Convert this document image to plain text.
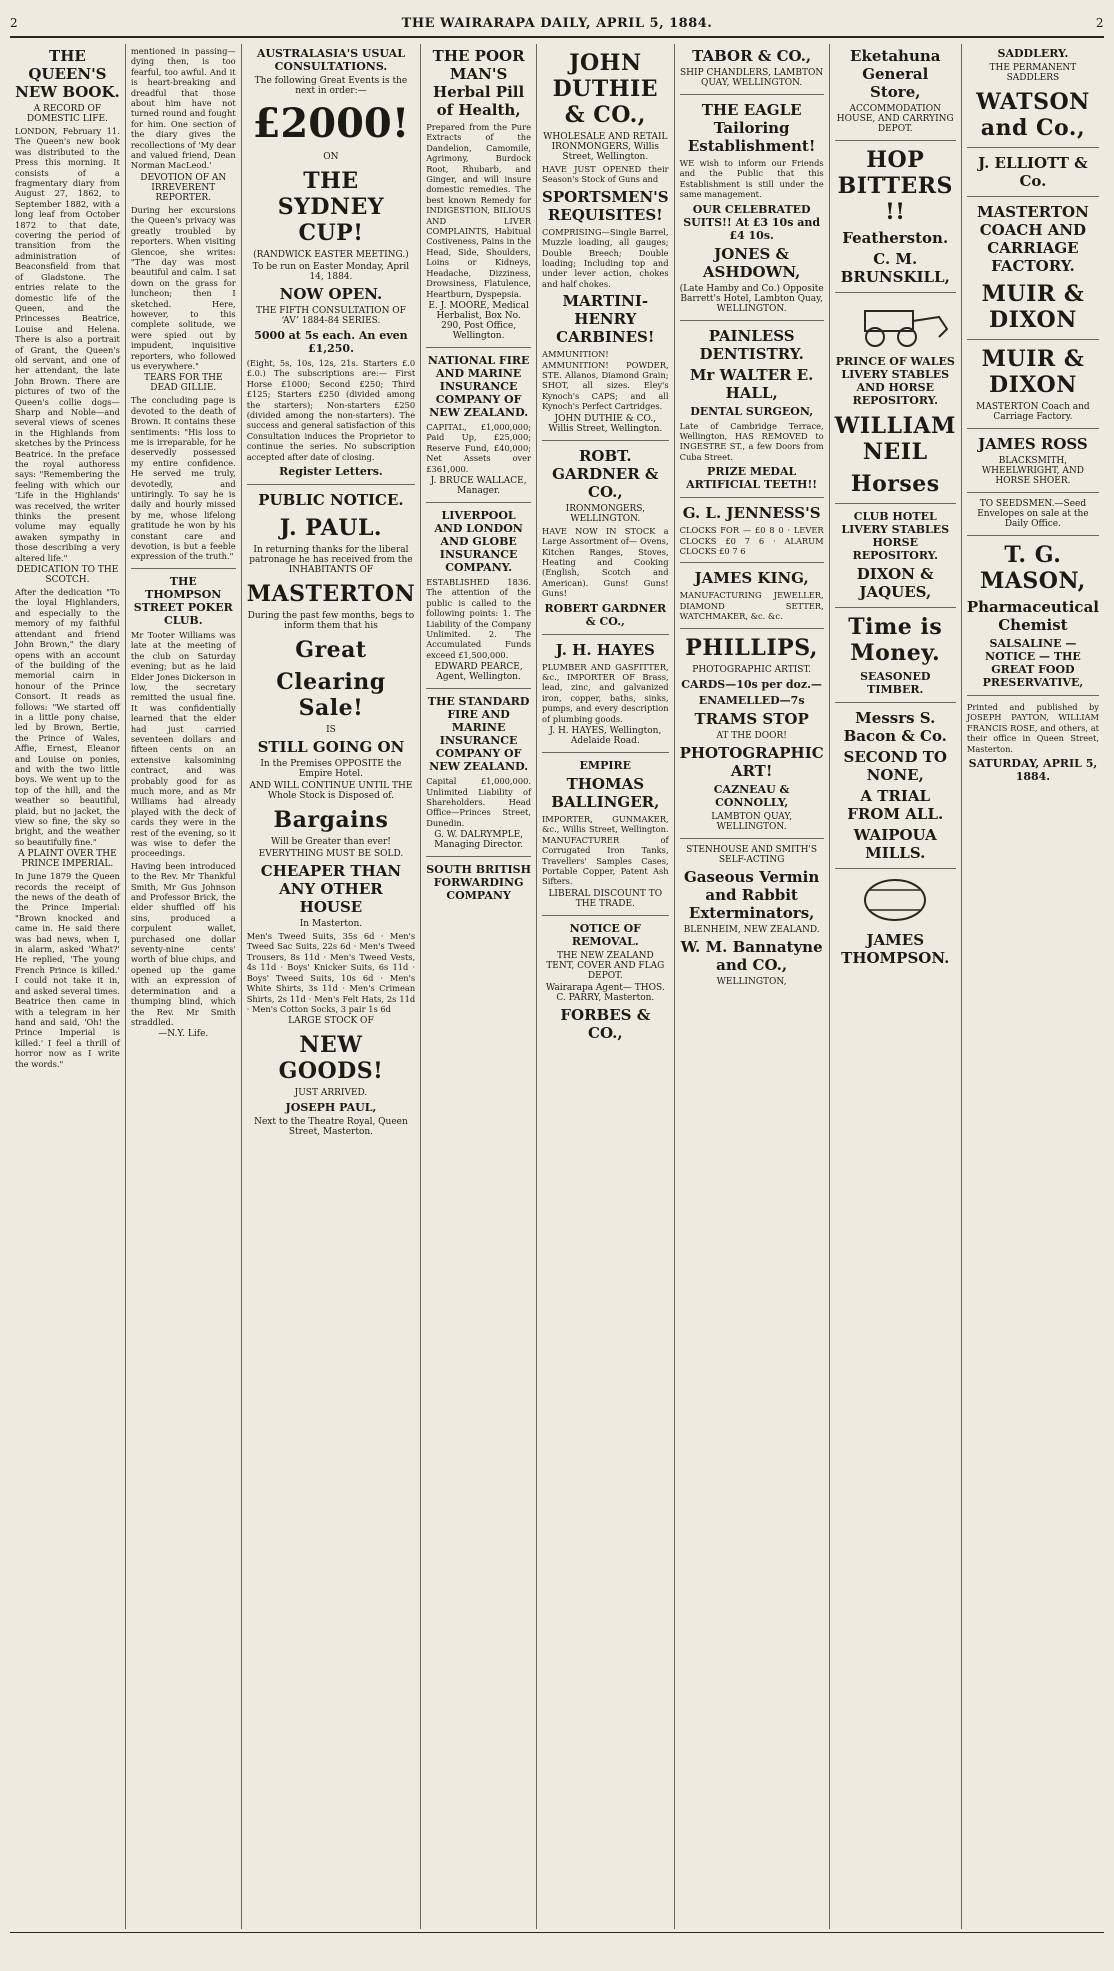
2	THE WAIRARAPA DAILY, APRIL 5, 1884.	2
THE QUEEN'S NEW BOOK.
A RECORD OF DOMESTIC LIFE.

LONDON, February 11. The Queen's new book was distributed to the Press this morning. It consists of a fragmentary diary from August 27, 1862, to September 1882, with a long leaf from October 1872 to that date, covering the period of transition from the administration of Beaconsfield from that of Gladstone. The entries relate to the domestic life of the Queen, and the Princesses Beatrice, Louise and Helena. There is also a portrait of Grant, the Queen's old servant, and one of her attendant, the late John Brown. There are pictures of two of the Queen's collie dogs—Sharp and Noble—and several views of scenes in the Highlands from sketches by the Princess Beatrice. In the preface the royal authoress says: "Remembering the feeling with which our 'Life in the Highlands' was received, the writer thinks the present volume may equally awaken sympathy in those describing a very altered life."

DEDICATION TO THE SCOTCH.

After the dedication "To the loyal Highlanders, and especially to the memory of my faithful attendant and friend John Brown," the diary opens with an account of the building of the memorial cairn in honour of the Prince Consort. It reads as follows: "We started off in a little pony chaise, led by Brown, Bertie, the Prince of Wales, Affie, Ernest, Eleanor and Louise on ponies, and with the two little boys. We went up to the top of the hill, and the weather so beautiful, plaid, but no jacket, the view so fine, the sky so bright, and the weather so beautifully fine."

A PLAINT OVER THE PRINCE IMPERIAL.

In June 1879 the Queen records the receipt of the news of the death of the Prince Imperial: "Brown knocked and came in. He said there was bad news, when I, in alarm, asked 'What?' He replied, 'The young French Prince is killed.' I could not take it in, and asked several times. Beatrice then came in with a telegram in her hand and said, 'Oh! the Prince Imperial is killed.' I feel a thrill of horror now as I write the words."

mentioned in passing—dying then, is too fearful, too awful. And it is heart-breaking and dreadful that those about him have not turned round and fought for him. One section of the diary gives the recollections of 'My dear and valued friend, Dean Norman MacLeod.'

DEVOTION OF AN IRREVERENT REPORTER.

During her excursions the Queen's privacy was greatly troubled by reporters. When visiting Glencoe, she writes: "The day was most beautiful and calm. I sat down on the grass for luncheon; then I sketched. Here, however, to this complete solitude, we were spied out by impudent, inquisitive reporters, who followed us everywhere."

TEARS FOR THE DEAD GILLIE.

The concluding page is devoted to the death of Brown. It contains these sentiments: "His loss to me is irreparable, for he deservedly possessed my entire confidence. He served me truly, devotedly, and untiringly. To say he is daily and hourly missed by me, whose lifelong gratitude he won by his constant care and devotion, is but a feeble expression of the truth."

THE THOMPSON STREET POKER CLUB.

Mr Tooter Williams was late at the meeting of the club on Saturday evening; but as he laid Elder Jones Dickerson in low, the secretary remitted the usual fine. It was confidentially learned that the elder had just carried seventeen dollars and fifteen cents on an extensive kalsomining contract, and was probably good for as much more, and as Mr Williams had already played with the deck of cards they were in the rest of the evening, so it was wise to defer the proceedings.

Having been introduced to the Rev. Mr Thankful Smith, Mr Gus Johnson and Professor Brick, the elder shuffled off his sins, produced a corpulent wallet, purchased one dollar seventy-nine cents' worth of blue chips, and opened up the game with an expression of determination and a thumping blind, which the Rev. Mr Smith straddled.

—N.Y. Life.
AUSTRALASIA'S USUAL CONSULTATIONS.
The following Great Events is the next in order:—
£2000!
ON
THE SYDNEY CUP!
(RANDWICK EASTER MEETING.)
To be run on Easter Monday, April 14, 1884.
NOW OPEN.
THE FIFTH CONSULTATION OF ‘AV’ 1884-84 SERIES.
5000 at 5s each. An even £1,250.

(Eight, 5s, 10s, 12s, 21s. Starters £.0 £.0.) The subscriptions are:— First Horse £1000; Second £250; Third £125; Starters £250 (divided among the starters); Non-starters £250 (divided among the non-starters). The success and general satisfaction of this Consultation induces the Proprietor to continue the series. No subscription accepted after date of closing.

Register Letters.
PUBLIC NOTICE.
J. PAUL.
In returning thanks for the liberal patronage he has received from the INHABITANTS OF
MASTERTON
During the past few months, begs to inform them that his
Great
Clearing Sale!
IS
STILL GOING ON
In the Premises OPPOSITE the Empire Hotel.
AND WILL CONTINUE UNTIL THE Whole Stock is Disposed of.
Bargains
Will be Greater than ever!
EVERYTHING MUST BE SOLD.
CHEAPER THAN ANY OTHER HOUSE
In Masterton.

Men's Tweed Suits, 35s 6d · Men's Tweed Sac Suits, 22s 6d · Men's Tweed Trousers, 8s 11d · Men's Tweed Vests, 4s 11d · Boys' Knicker Suits, 6s 11d · Boys' Tweed Suits, 10s 6d · Men's White Shirts, 3s 11d · Men's Crimean Shirts, 2s 11d · Men's Felt Hats, 2s 11d · Men's Cotton Socks, 3 pair 1s 6d

LARGE STOCK OF
NEW GOODS!
JUST ARRIVED.
JOSEPH PAUL,
Next to the Theatre Royal, Queen Street, Masterton.
THE POOR MAN'S Herbal Pill of Health,

Prepared from the Pure Extracts of the Dandelion, Camomile, Agrimony, Burdock Root, Rhubarb, and Ginger, and will insure domestic remedies. The best known Remedy for INDIGESTION, BILIOUS AND LIVER COMPLAINTS, Habitual Costiveness, Pains in the Head, Side, Shoulders, Loins or Kidneys, Headache, Dizziness, Drowsiness, Flatulence, Heartburn, Dyspepsia.

E. J. MOORE, Medical Herbalist, Box No. 290, Post Office, Wellington.
NATIONAL FIRE AND MARINE INSURANCE COMPANY OF NEW ZEALAND.

CAPITAL, £1,000,000; Paid Up, £25,000; Reserve Fund, £40,000; Net Assets over £361,000.

J. BRUCE WALLACE, Manager.
LIVERPOOL AND LONDON AND GLOBE INSURANCE COMPANY.

ESTABLISHED 1836. The attention of the public is called to the following points: 1. The Liability of the Company Unlimited. 2. The Accumulated Funds exceed £1,500,000.

EDWARD PEARCE, Agent, Wellington.
THE STANDARD FIRE AND MARINE INSURANCE COMPANY OF NEW ZEALAND.

Capital £1,000,000. Unlimited Liability of Shareholders. Head Office—Princes Street, Dunedin.

G. W. DALRYMPLE, Managing Director.
SOUTH BRITISH FORWARDING COMPANY
JOHN DUTHIE & CO.,
WHOLESALE AND RETAIL IRONMONGERS, Willis Street, Wellington.

HAVE JUST OPENED their Season's Stock of Guns and

SPORTSMEN'S REQUISITES!

COMPRISING—Single Barrel, Muzzle loading, all gauges; Double Breech; Double loading; Including top and under lever action, chokes and half chokes.

MARTINI-HENRY CARBINES!

AMMUNITION! AMMUNITION! POWDER, STE. Allanos, Diamond Grain; SHOT, all sizes. Eley's Kynoch's CAPS; and all Kynoch's Perfect Cartridges.

JOHN DUTHIE & CO., Willis Street, Wellington.
ROBT. GARDNER & CO.,
IRONMONGERS, WELLINGTON.

HAVE NOW IN STOCK a Large Assortment of— Ovens, Kitchen Ranges, Stoves, Heating and Cooking (English, Scotch and American). Guns! Guns! Guns!

ROBERT GARDNER & CO.,
J. H. HAYES

PLUMBER AND GASFITTER, &c., IMPORTER OF Brass, lead, zinc, and galvanized iron, copper, baths, sinks, pumps, and every description of plumbing goods.

J. H. HAYES, Wellington, Adelaide Road.
EMPIRE
THOMAS BALLINGER,

IMPORTER, GUNMAKER, &c., Willis Street, Wellington. MANUFACTURER of Corrugated Iron Tanks, Travellers' Samples Cases, Portable Copper, Patent Ash Sifters.

LIBERAL DISCOUNT TO THE TRADE.
NOTICE OF REMOVAL.
THE NEW ZEALAND TENT, COVER AND FLAG DEPOT.
Wairarapa Agent— THOS. C. PARRY, Masterton.
FORBES & CO.,
TABOR & CO.,
SHIP CHANDLERS, LAMBTON QUAY, WELLINGTON.
THE EAGLE Tailoring Establishment!

WE wish to inform our Friends and the Public that this Establishment is still under the same management.

OUR CELEBRATED SUITS!! At £3 10s and £4 10s.
JONES & ASHDOWN,
(Late Hamby and Co.) Opposite Barrett's Hotel, Lambton Quay, WELLINGTON.
PAINLESS DENTISTRY.
Mr WALTER E. HALL,
DENTAL SURGEON,

Late of Cambridge Terrace, Wellington, HAS REMOVED to INGESTRE ST., a few Doors from Cuba Street.

PRIZE MEDAL ARTIFICIAL TEETH!!
G. L. JENNESS'S

CLOCKS FOR — £0 8 0 · LEVER CLOCKS £0 7 6 · ALARUM CLOCKS £0 7 6

JAMES KING,

MANUFACTURING JEWELLER, DIAMOND SETTER, WATCHMAKER, &c. &c.

PHILLIPS,
PHOTOGRAPHIC ARTIST.
CARDS—10s per doz.—
ENAMELLED—7s
TRAMS STOP
AT THE DOOR!
PHOTOGRAPHIC ART!
CAZNEAU & CONNOLLY,
LAMBTON QUAY, WELLINGTON.
STENHOUSE AND SMITH'S SELF-ACTING
Gaseous Vermin and Rabbit Exterminators,
BLENHEIM, NEW ZEALAND.
W. M. Bannatyne and CO.,
WELLINGTON,
Eketahuna General Store,
ACCOMMODATION HOUSE, AND CARRYING DEPOT.
HOP BITTERS !!
Featherston.
C. M. BRUNSKILL,
PRINCE OF WALES LIVERY STABLES AND HORSE REPOSITORY.
WILLIAM NEIL
Horses
CLUB HOTEL LIVERY STABLES HORSE REPOSITORY.
DIXON & JAQUES,
Time is Money.
SEASONED TIMBER.
Messrs S. Bacon & Co.
SECOND TO NONE,
A TRIAL FROM ALL.
WAIPOUA MILLS.
JAMES THOMPSON.
SADDLERY.
THE PERMANENT SADDLERS
WATSON and Co.,
J. ELLIOTT & Co.
MASTERTON COACH AND CARRIAGE FACTORY.
MUIR & DIXON
MUIR & DIXON
MASTERTON Coach and Carriage Factory.
JAMES ROSS
BLACKSMITH, WHEELWRIGHT, AND HORSE SHOER.
TO SEEDSMEN.—Seed Envelopes on sale at the Daily Office.
T. G. MASON,
Pharmaceutical Chemist
SALSALINE — NOTICE — THE GREAT FOOD PRESERVATIVE,

Printed and published by JOSEPH PAYTON, WILLIAM FRANCIS ROSE, and others, at their office in Queen Street, Masterton.

SATURDAY, APRIL 5, 1884.
